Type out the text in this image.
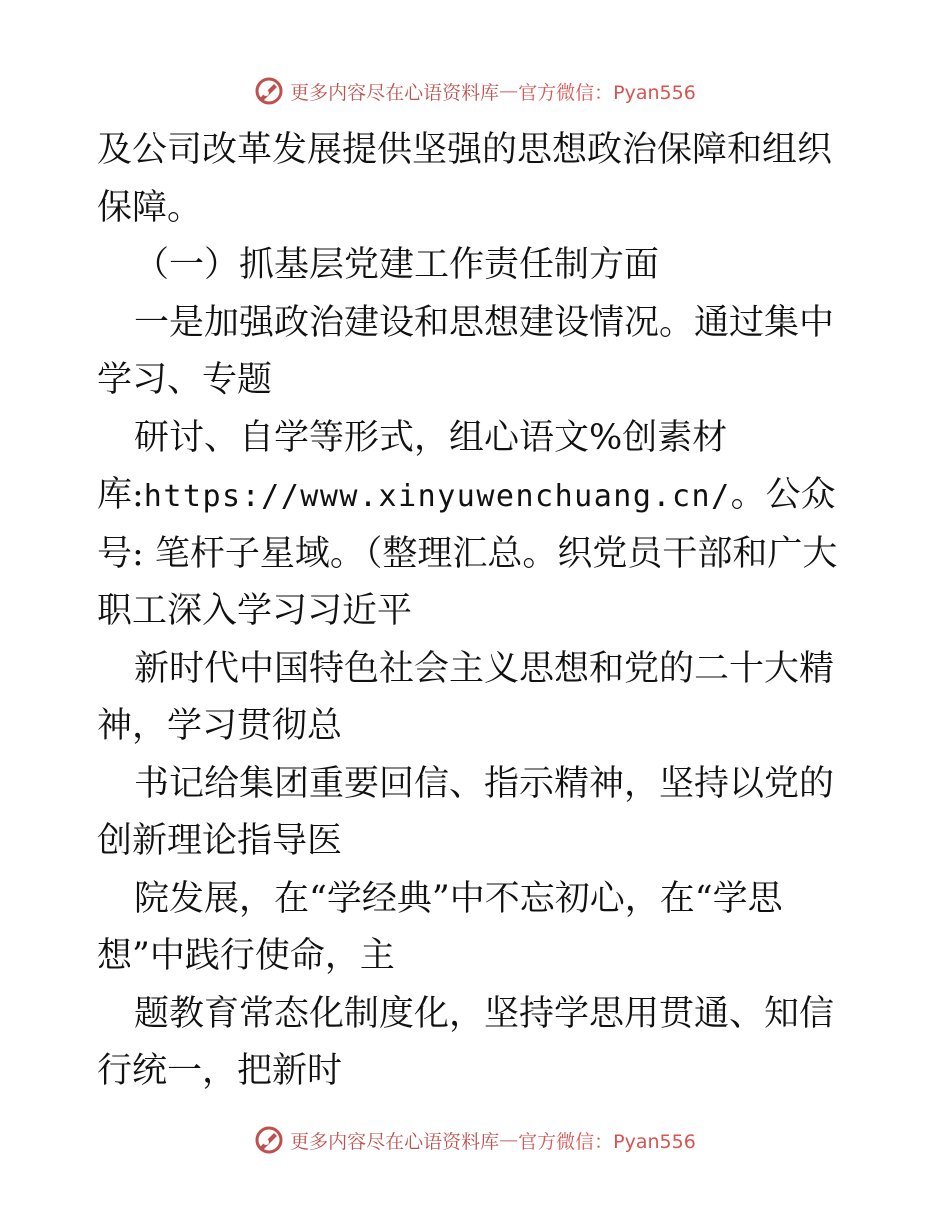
更多内容尽在心语资料库 — 官方微信：Pyan556

及公司改革发展提供坚强的思想政治保障和组织保障。

（一）抓基层党建工作责任制方面

一是加强政治建设和思想建设情况。通过集中学习、专题

研讨、自学等形式，组心语文%创素材库:https://www.xinyuwenchuang.cn/。公众号: 笔杆子星域。（整理汇总。织党员干部和广大职工深入学习习近平

新时代中国特色社会主义思想和党的二十大精神，学习贯彻总

书记给集团重要回信、指示精神，坚持以党的创新理论指导医

院发展，在“学经典”中不忘初心，在“学思想”中践行使命，主

题教育常态化制度化，坚持学思用贯通、知信行统一，把新时

更多内容尽在心语资料库 — 官方微信：Pyan556
